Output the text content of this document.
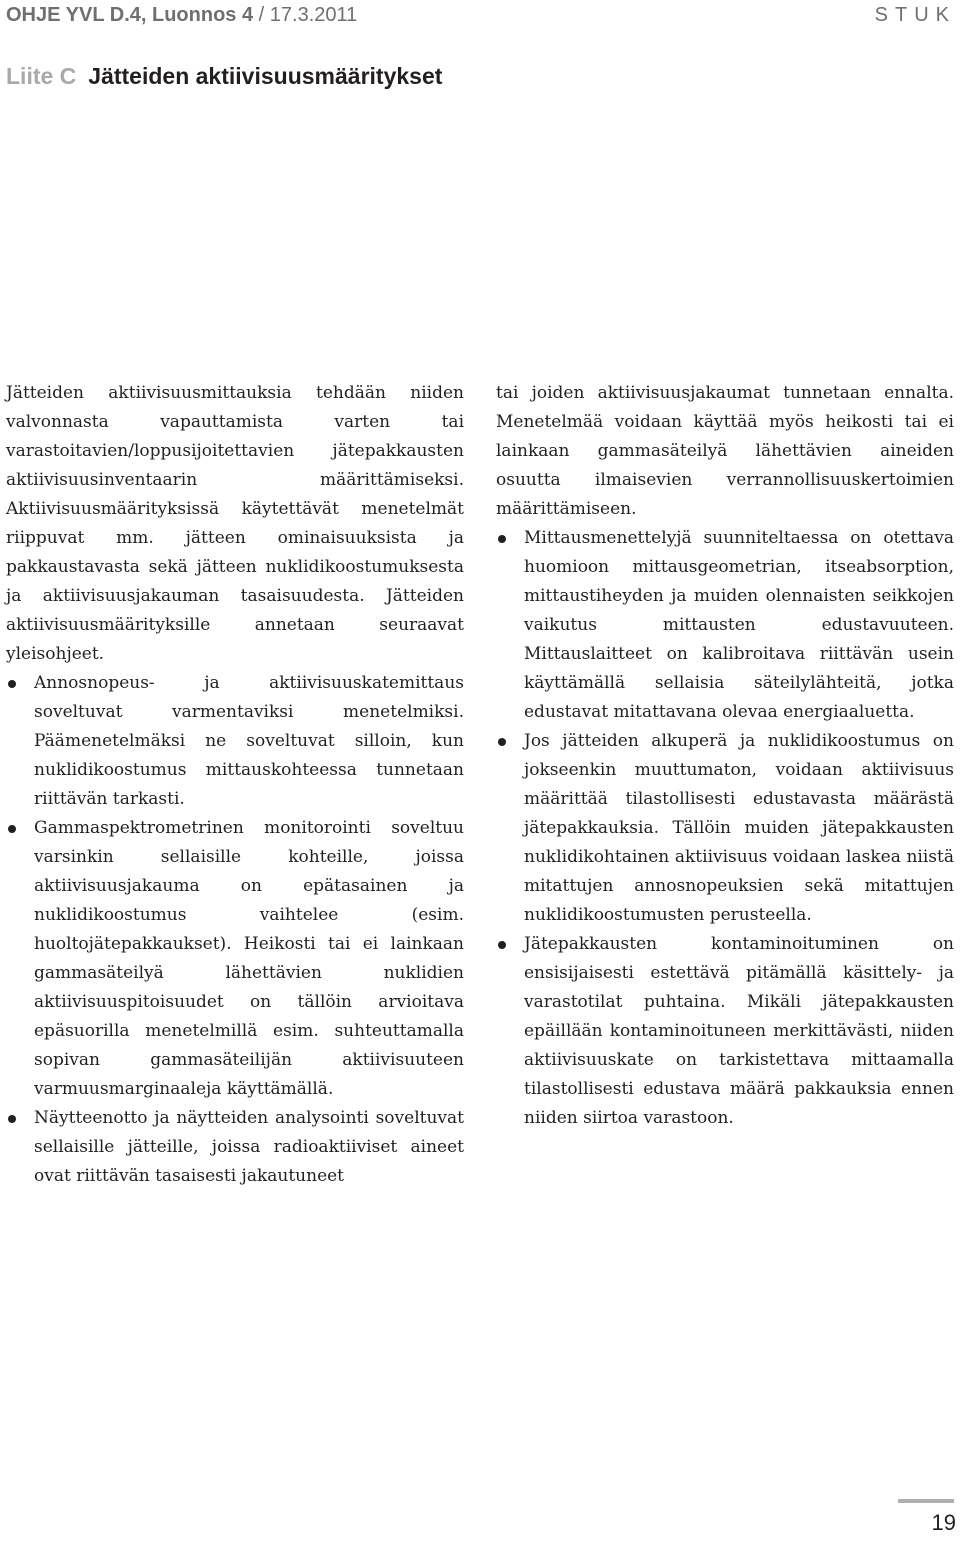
OHJE YVL D.4, Luonnos 4 / 17.3.2011	STUK
Liite C Jätteiden aktiivisuusmääritykset

Jätteiden aktiivisuusmittauksia tehdään niiden valvonnasta vapauttamista varten tai varastoitavien/loppusijoitettavien jätepakkausten aktiivisuusinventaarin määrittämiseksi. Aktiivisuusmäärityksissä käytettävät menetelmät riippuvat mm. jätteen ominaisuuksista ja pakkaustavasta sekä jätteen nuklidikoostumuksesta ja aktiivisuusjakauman tasaisuudesta. Jätteiden aktiivisuusmäärityksille annetaan seuraavat yleisohjeet.

Annosnopeus- ja aktiivisuuskatemittaus soveltuvat varmentaviksi menetelmiksi. Päämenetelmäksi ne soveltuvat silloin, kun nuklidikoostumus mittauskohteessa tunnetaan riittävän tarkasti.
Gammaspektrometrinen monitorointi soveltuu varsinkin sellaisille kohteille, joissa aktiivisuusjakauma on epätasainen ja nuklidikoostumus vaihtelee (esim. huoltojätepakkaukset). Heikosti tai ei lainkaan gammasäteilyä lähettävien nuklidien aktiivisuuspitoisuudet on tällöin arvioitava epäsuorilla menetelmillä esim. suhteuttamalla sopivan gammasäteilijän aktiivisuuteen varmuusmarginaaleja käyttämällä.
Näytteenotto ja näytteiden analysointi soveltuvat sellaisille jätteille, joissa radioaktiiviset aineet ovat riittävän tasaisesti jakautuneet

tai joiden aktiivisuusjakaumat tunnetaan ennalta. Menetelmää voidaan käyttää myös heikosti tai ei lainkaan gammasäteilyä lähettävien aineiden osuutta ilmaisevien verrannollisuuskertoimien määrittämiseen.

Mittausmenettelyjä suunniteltaessa on otettava huomioon mittausgeometrian, itseabsorption, mittaustiheyden ja muiden olennaisten seikkojen vaikutus mittausten edustavuuteen. Mittauslaitteet on kalibroitava riittävän usein käyttämällä sellaisia säteilylähteitä, jotka edustavat mitattavana olevaa energiaaluetta.
Jos jätteiden alkuperä ja nuklidikoostumus on jokseenkin muuttumaton, voidaan aktiivisuus määrittää tilastollisesti edustavasta määrästä jätepakkauksia. Tällöin muiden jätepakkausten nuklidikohtainen aktiivisuus voidaan laskea niistä mitattujen annosnopeuksien sekä mitattujen nuklidikoostumusten perusteella.
Jätepakkausten kontaminoituminen on ensisijaisesti estettävä pitämällä käsittely- ja varastotilat puhtaina. Mikäli jätepakkausten epäillään kontaminoituneen merkittävästi, niiden aktiivisuuskate on tarkistettava mittaamalla tilastollisesti edustava määrä pakkauksia ennen niiden siirtoa varastoon.
19
